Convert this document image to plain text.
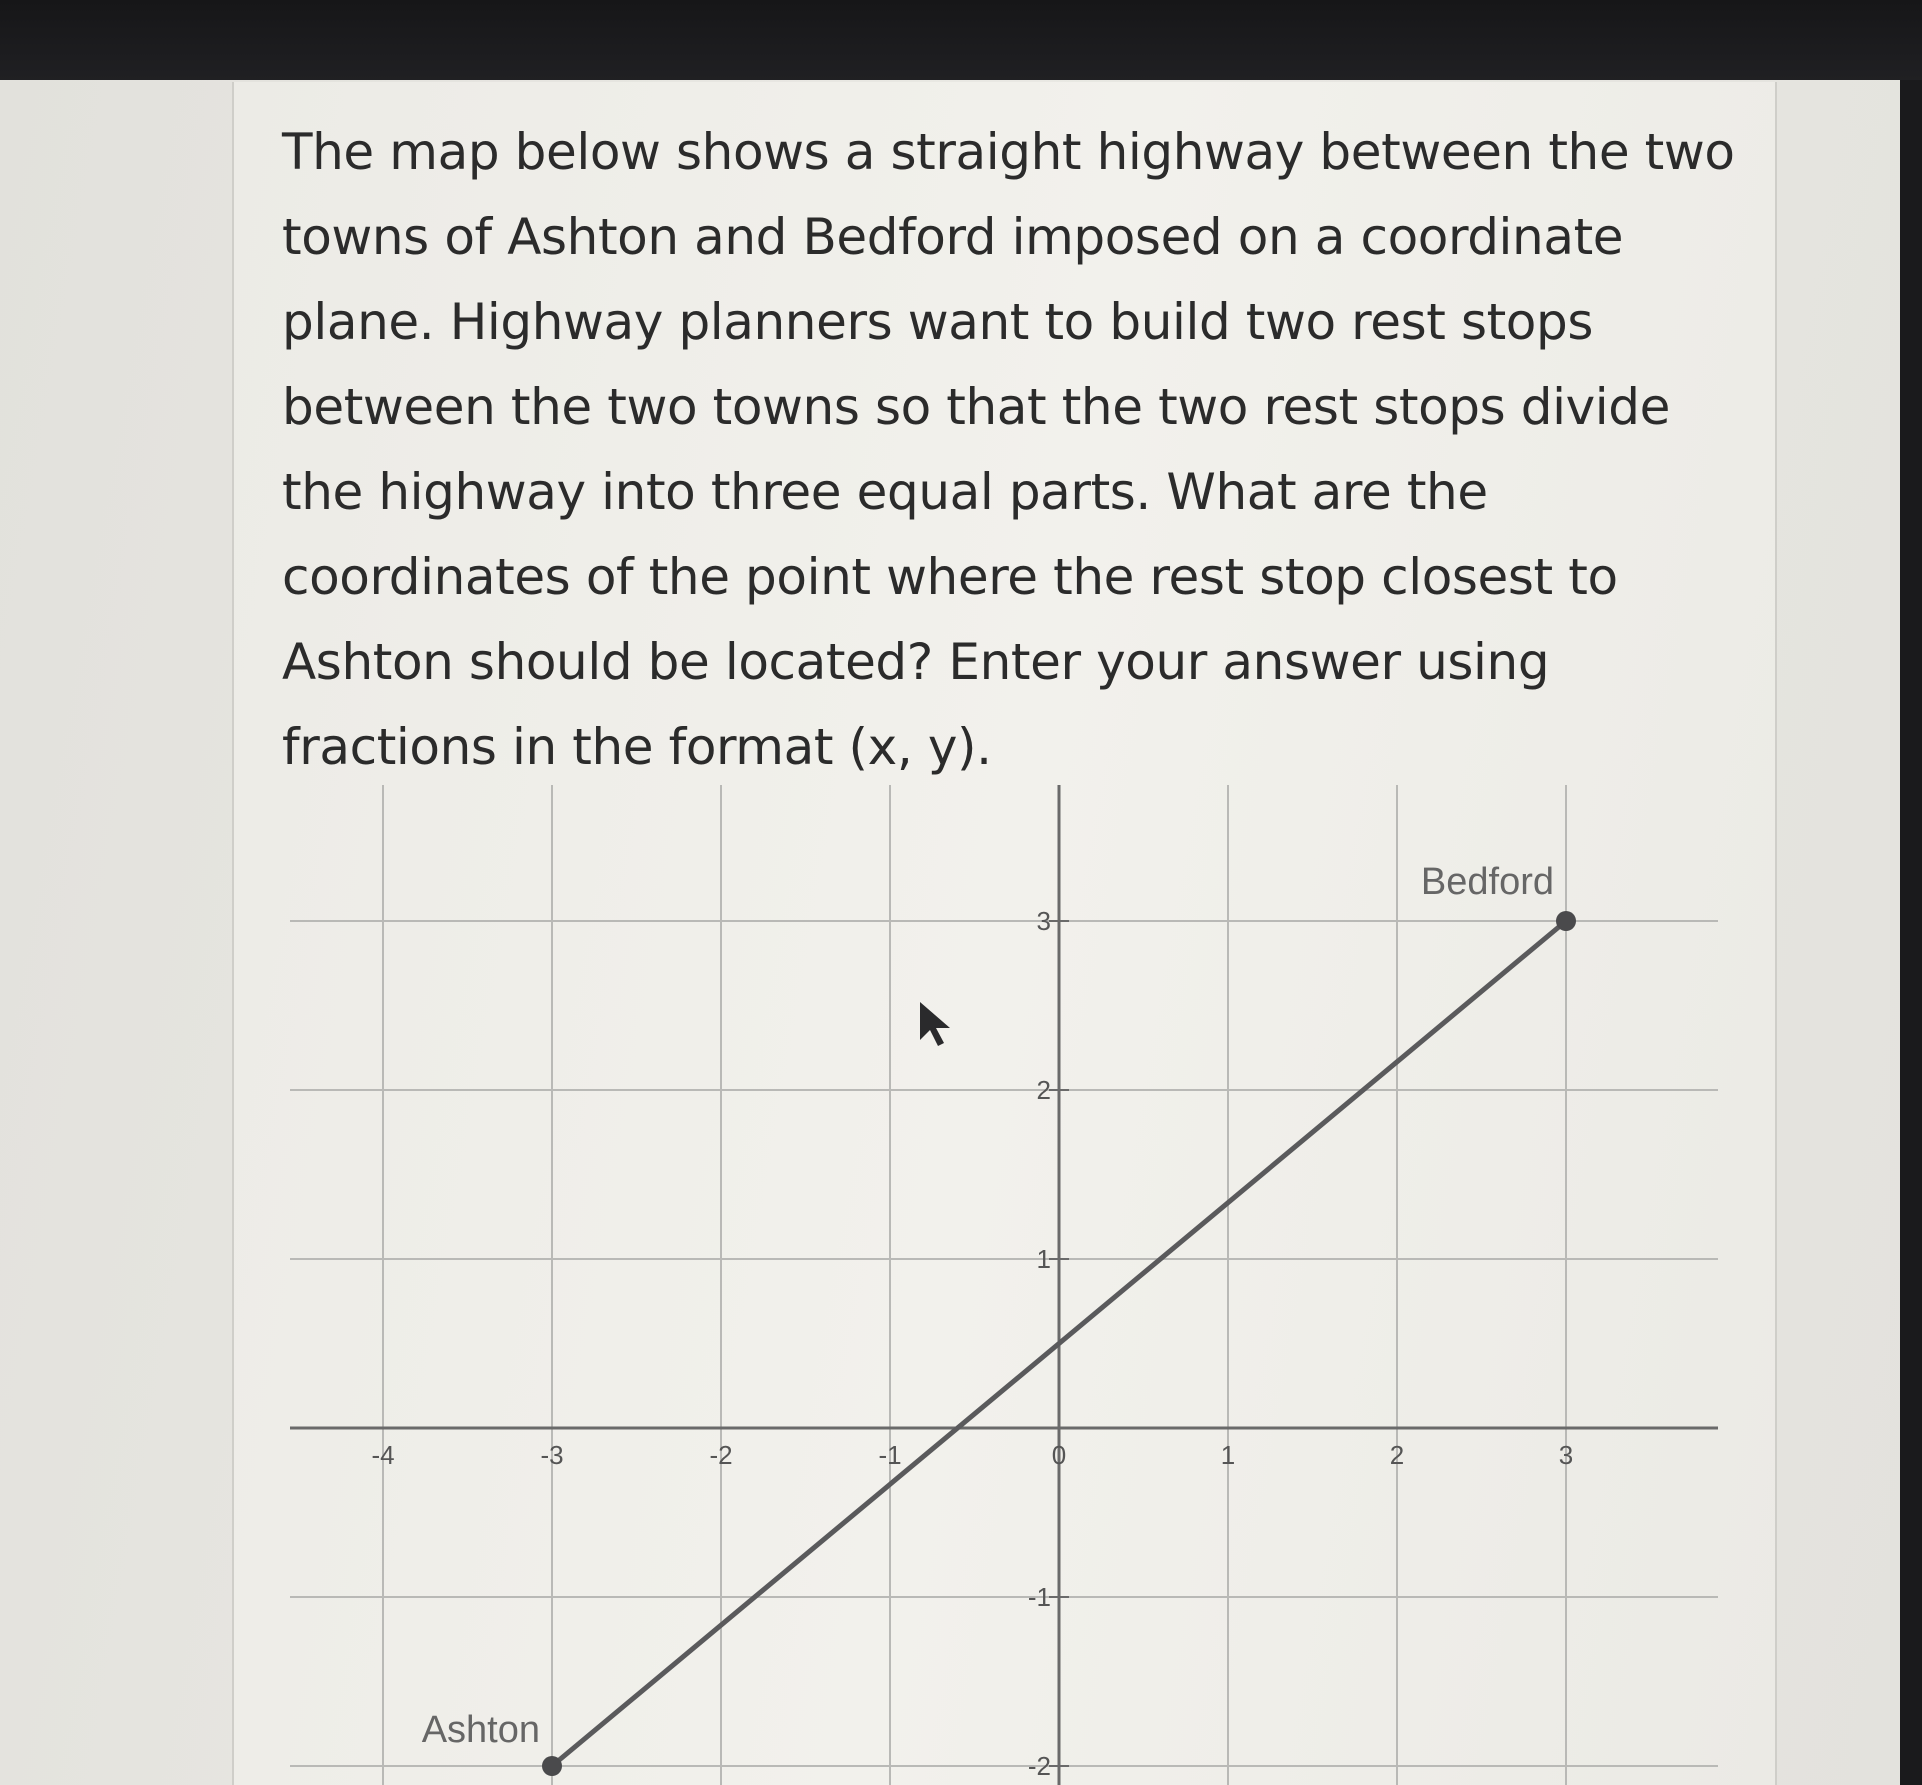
The map below shows a straight highway between the two towns of Ashton and Bedford imposed on a coordinate plane. Highway planners want to build two rest stops between the two towns so that the two rest stops divide the highway into three equal parts. What are the coordinates of the point where the rest stop closest to Ashton should be located? Enter your answer using fractions in the format (x, y).

-4	-3	-2	-1	0	1	2	3
-2
-1
1
2
3
Ashton
Bedford
